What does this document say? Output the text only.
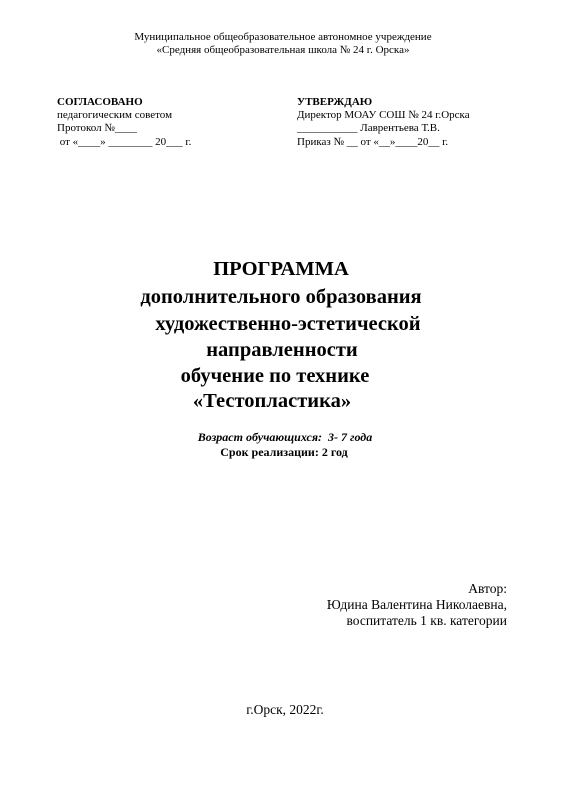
Муниципальное общеобразовательное автономное учреждение
«Средняя общеобразовательная школа № 24 г. Орска»
СОГЛАСОВАНО
педагогическим советом
Протокол №____
от «____» ________ 20___ г.
УТВЕРЖДАЮ
Директор МОАУ СОШ № 24 г.Орска
___________ Лаврентьева Т.В.
Приказ № __ от «__»____20__ г.
ПРОГРАММА
дополнительного образования
художественно-эстетической
направленности
обучение по технике
«Тестопластика»
Возраст обучающихся:  3- 7 года
Срок реализации: 2 год
Автор:
Юдина Валентина Николаевна,
воспитатель 1 кв. категории
г.Орск, 2022г.
